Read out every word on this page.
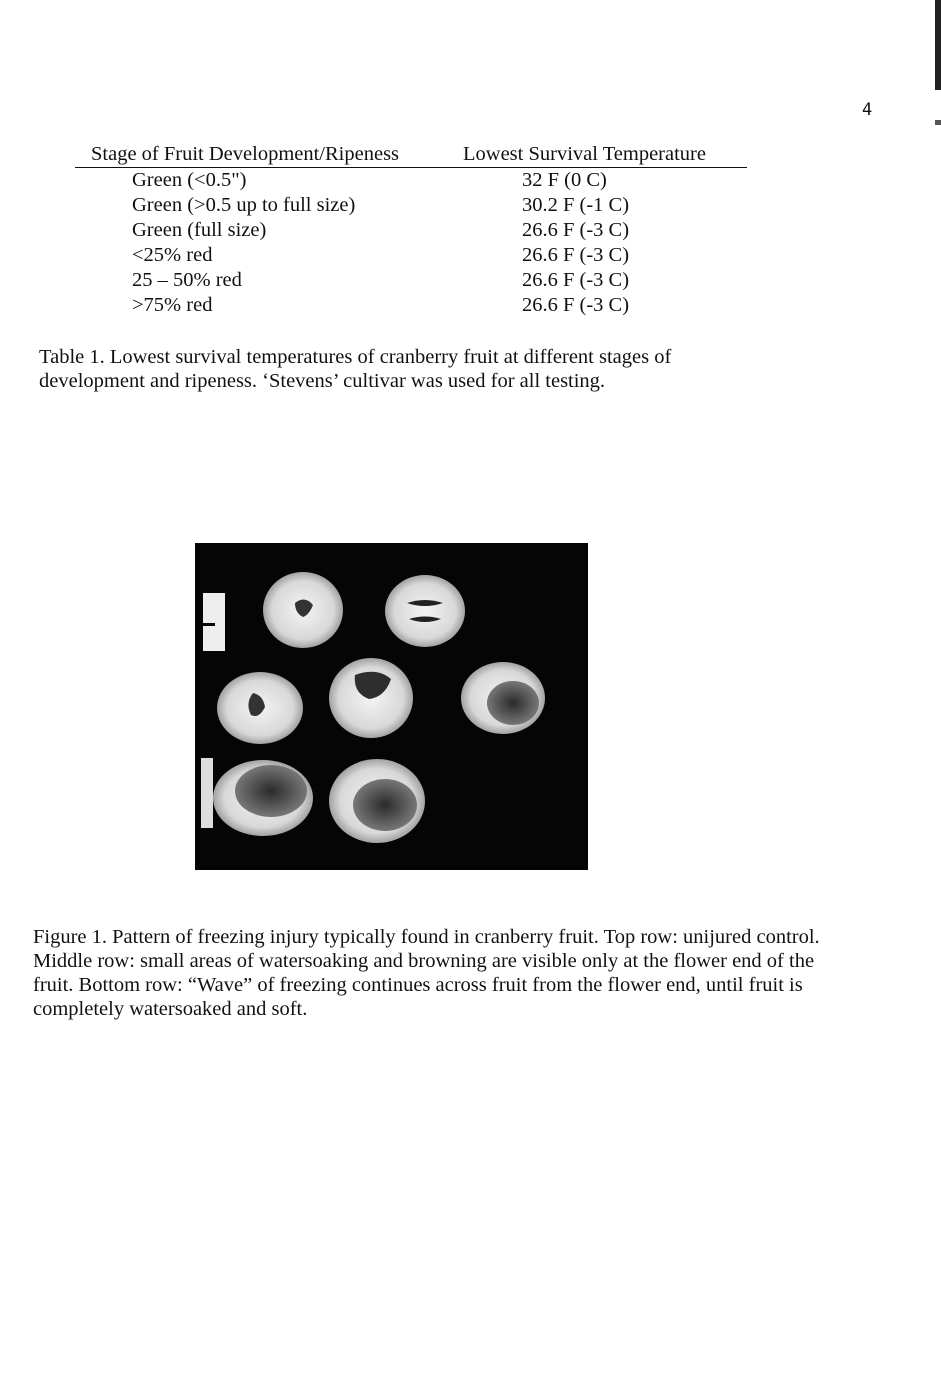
4
Stage of Fruit Development/Ripeness	Lowest Survival Temperature
Green (<0.5")	32 F (0 C)
Green (>0.5 up to full size)	30.2 F (-1 C)
Green (full size)	26.6 F (-3 C)
<25% red	26.6 F (-3 C)
25 – 50% red	26.6 F (-3 C)
>75% red	26.6 F (-3 C)
Table 1. Lowest survival temperatures of cranberry fruit at different stages of development and ripeness. ‘Stevens’ cultivar was used for all testing.
Figure 1. Pattern of freezing injury typically found in cranberry fruit. Top row: unijured control. Middle row: small areas of watersoaking and browning are visible only at the flower end of the fruit. Bottom row: “Wave” of freezing continues across fruit from the flower end, until fruit is completely watersoaked and soft.
